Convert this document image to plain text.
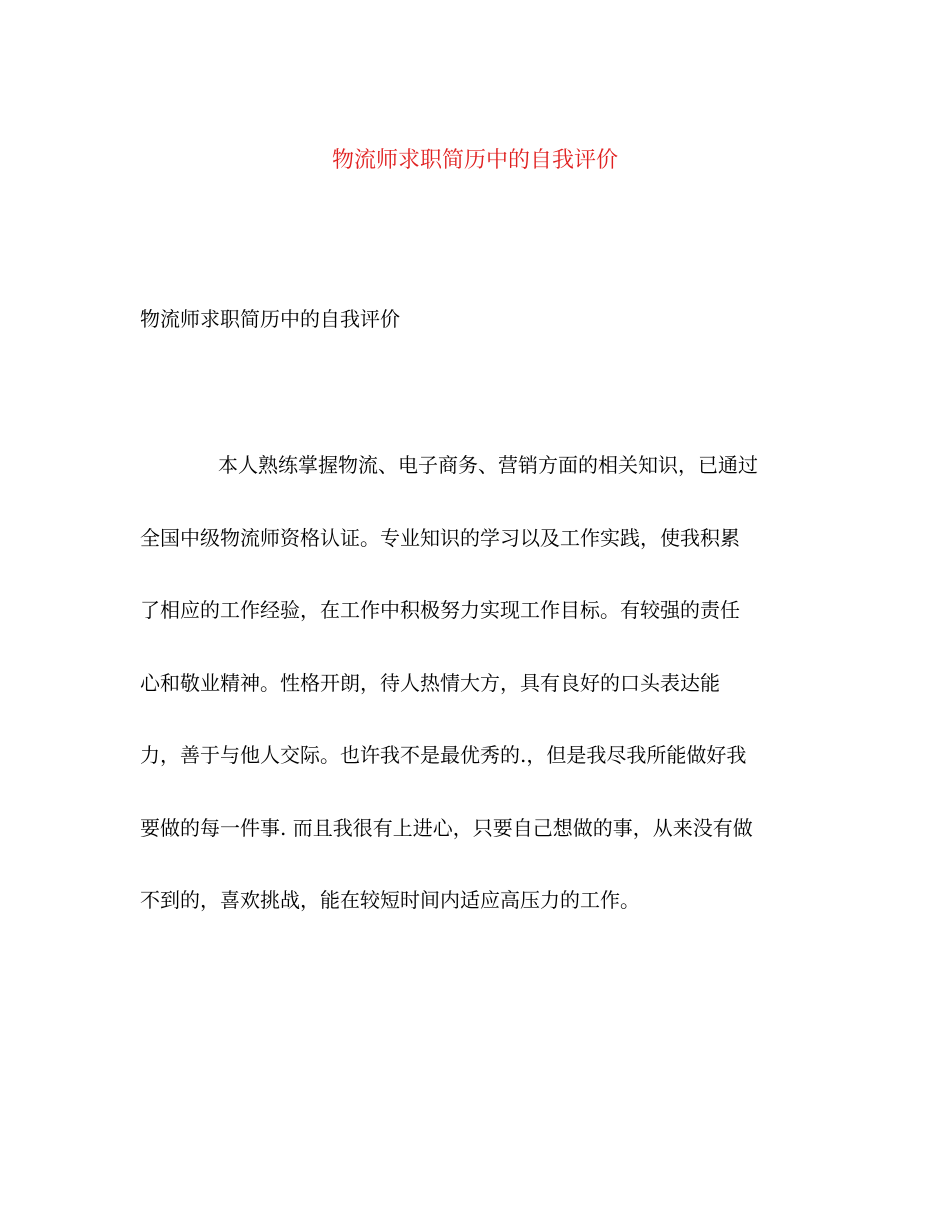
物流师求职简历中的自我评价
物流师求职简历中的自我评价
本人熟练掌握物流、电子商务、营销方面的相关知识，已通过
全国中级物流师资格认证。专业知识的学习以及工作实践，使我积累
了相应的工作经验，在工作中积极努力实现工作目标。有较强的责任
心和敬业精神。性格开朗，待人热情大方，具有良好的口头表达能
力，善于与他人交际。也许我不是最优秀的.，但是我尽我所能做好我
要做的每一件事. 而且我很有上进心，只要自己想做的事，从来没有做
不到的，喜欢挑战，能在较短时间内适应高压力的工作。
